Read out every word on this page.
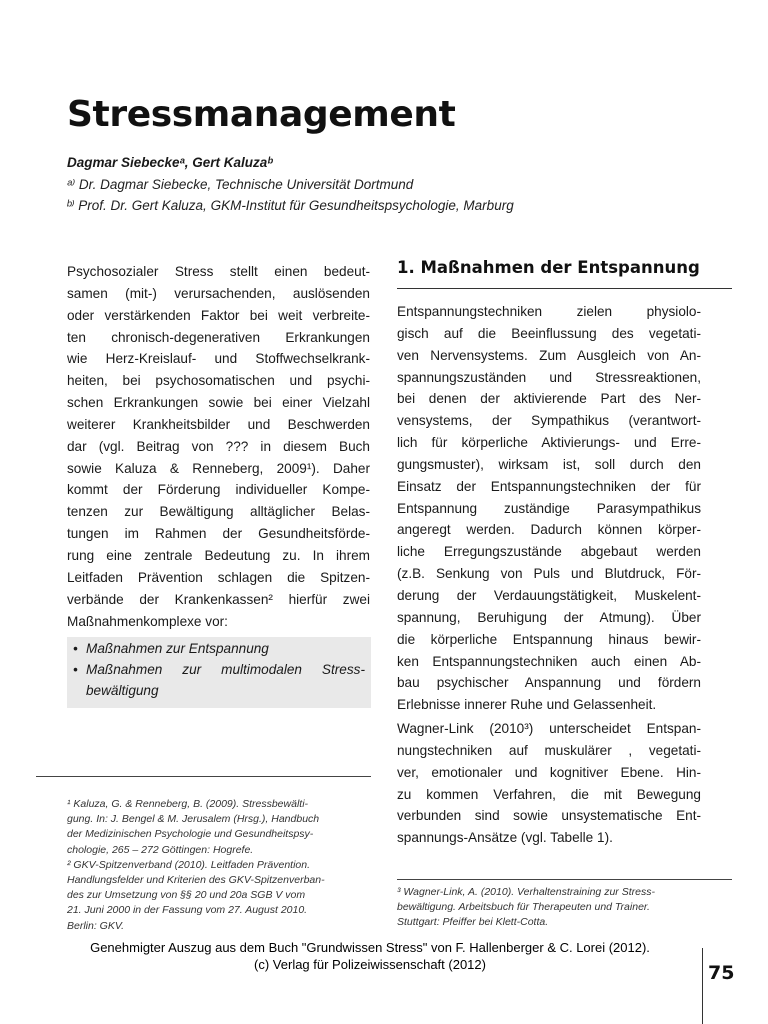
Stressmanagement
Dagmar Siebeckeᵃ, Gert Kaluzaᵇ
ᵃ⁾ Dr. Dagmar Siebecke, Technische Universität Dortmund
ᵇ⁾ Prof. Dr. Gert Kaluza, GKM-Institut für Gesundheitspsychologie, Marburg
Psychosozialer Stress stellt einen bedeut-
samen (mit-) verursachenden, auslösenden
oder verstärkenden Faktor bei weit verbreite-
ten chronisch-degenerativen Erkrankungen
wie Herz-Kreislauf- und Stoffwechselkrank-
heiten, bei psychosomatischen und psychi-
schen Erkrankungen sowie bei einer Vielzahl
weiterer Krankheitsbilder und Beschwerden
dar (vgl. Beitrag von ??? in diesem Buch
sowie Kaluza & Renneberg, 2009¹). Daher
kommt der Förderung individueller Kompe-
tenzen zur Bewältigung alltäglicher Belas-
tungen im Rahmen der Gesundheitsförde-
rung eine zentrale Bedeutung zu. In ihrem
Leitfaden Prävention schlagen die Spitzen-
verbände der Krankenkassen² hierfür zwei
Maßnahmenkomplexe vor:
• Maßnahmen zur Entspannung
• Maßnahmen zur multimodalen Stress-
bewältigung
1. Maßnahmen der Entspannung
Entspannungstechniken zielen physiolo-
gisch auf die Beeinflussung des vegetati-
ven Nervensystems. Zum Ausgleich von An-
spannungszuständen und Stressreaktionen,
bei denen der aktivierende Part des Ner-
vensystems, der Sympathikus (verantwort-
lich für körperliche Aktivierungs- und Erre-
gungsmuster), wirksam ist, soll durch den
Einsatz der Entspannungstechniken der für
Entspannung zuständige Parasympathikus
angeregt werden. Dadurch können körper-
liche Erregungszustände abgebaut werden
(z.B. Senkung von Puls und Blutdruck, För-
derung der Verdauungstätigkeit, Muskelent-
spannung, Beruhigung der Atmung). Über
die körperliche Entspannung hinaus bewir-
ken Entspannungstechniken auch einen Ab-
bau psychischer Anspannung und fördern
Erlebnisse innerer Ruhe und Gelassenheit.
Wagner-Link (2010³) unterscheidet Entspan-
nungstechniken auf muskulärer , vegetati-
ver, emotionaler und kognitiver Ebene. Hin-
zu kommen Verfahren, die mit Bewegung
verbunden sind sowie unsystematische Ent-
spannungs-Ansätze (vgl. Tabelle 1).
¹ Kaluza, G. & Renneberg, B. (2009). Stressbewälti-
gung. In: J. Bengel & M. Jerusalem (Hrsg.), Handbuch
der Medizinischen Psychologie und Gesundheitspsy-
chologie, 265 – 272 Göttingen: Hogrefe.
² GKV-Spitzenverband (2010). Leitfaden Prävention.
Handlungsfelder und Kriterien des GKV-Spitzenverban-
des zur Umsetzung von §§ 20 und 20a SGB V vom
21. Juni 2000 in der Fassung vom 27. August 2010.
Berlin: GKV.
³ Wagner-Link, A. (2010). Verhaltenstraining zur Stress-
bewältigung. Arbeitsbuch für Therapeuten und Trainer.
Stuttgart: Pfeiffer bei Klett-Cotta.
Genehmigter Auszug aus dem Buch "Grundwissen Stress" von F. Hallenberger & C. Lorei (2012).
(c) Verlag für Polizeiwissenschaft (2012)	75
